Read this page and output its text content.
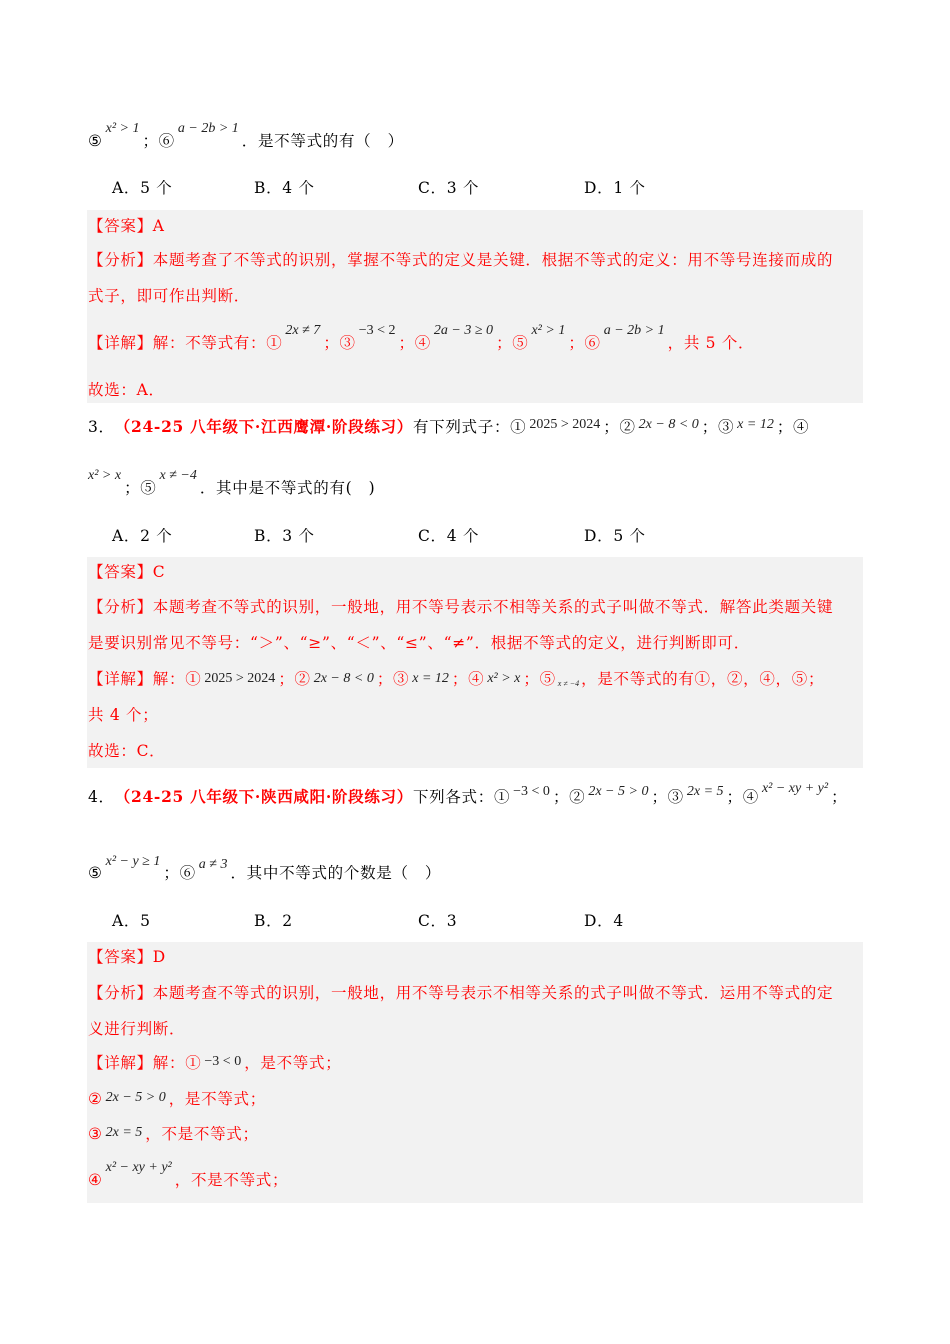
⑤
x² > 1
；⑥
a − 2b > 1
．是不等式的有（　）
A．5 个	B．4 个	C．3 个	D．1 个
【答案】A
【分析】本题考查了不等式的识别，掌握不等式的定义是关键．根据不等式的定义：用不等号连接而成的
式子，即可作出判断．
【详解】解：不等式有：①
2x ≠ 7
；③
−3 < 2
；④
2a − 3 ≥ 0
；⑤
x² > 1
；⑥
a − 2b > 1
，共 5 个．
故选：A．
3． （24-25 八年级下·江西鹰潭·阶段练习） 有下列式子：① 2025 > 2024 ；② 2x − 8 < 0 ；③ x = 12 ；④
x² > x
；⑤
x ≠ −4
．其中是不等式的有(　)
A．2 个	B．3 个	C．4 个	D．5 个
【答案】C
【分析】本题考查不等式的识别，一般地，用不等号表示不相等关系的式子叫做不等式．解答此类题关键
是要识别常见不等号：“＞”、“≥”、“＜”、“≤”、“≠”．根据不等式的定义，进行判断即可．
【详解】解：① 2025 > 2024 ；② 2x − 8 < 0 ；③ x = 12 ；④ x² > x ；⑤ x ≠ −4 ，是不等式的有①，②，④，⑤；
共 4 个；
故选：C．
4． （24-25 八年级下·陕西咸阳·阶段练习） 下列各式：① −3 < 0 ；② 2x − 5 > 0 ；③ 2x = 5 ；④ x² − xy + y² ；
⑤
x² − y ≥ 1
；⑥ a ≠ 3 ．其中不等式的个数是（　）
A．5	B．2	C．3	D．4
【答案】D
【分析】本题考查不等式的识别，一般地，用不等号表示不相等关系的式子叫做不等式．运用不等式的定
义进行判断．
【详解】解：① −3 < 0 ，是不等式；
② 2x − 5 > 0 ，是不等式；
③ 2x = 5 ，不是不等式；
④
x² − xy + y²
，不是不等式；
